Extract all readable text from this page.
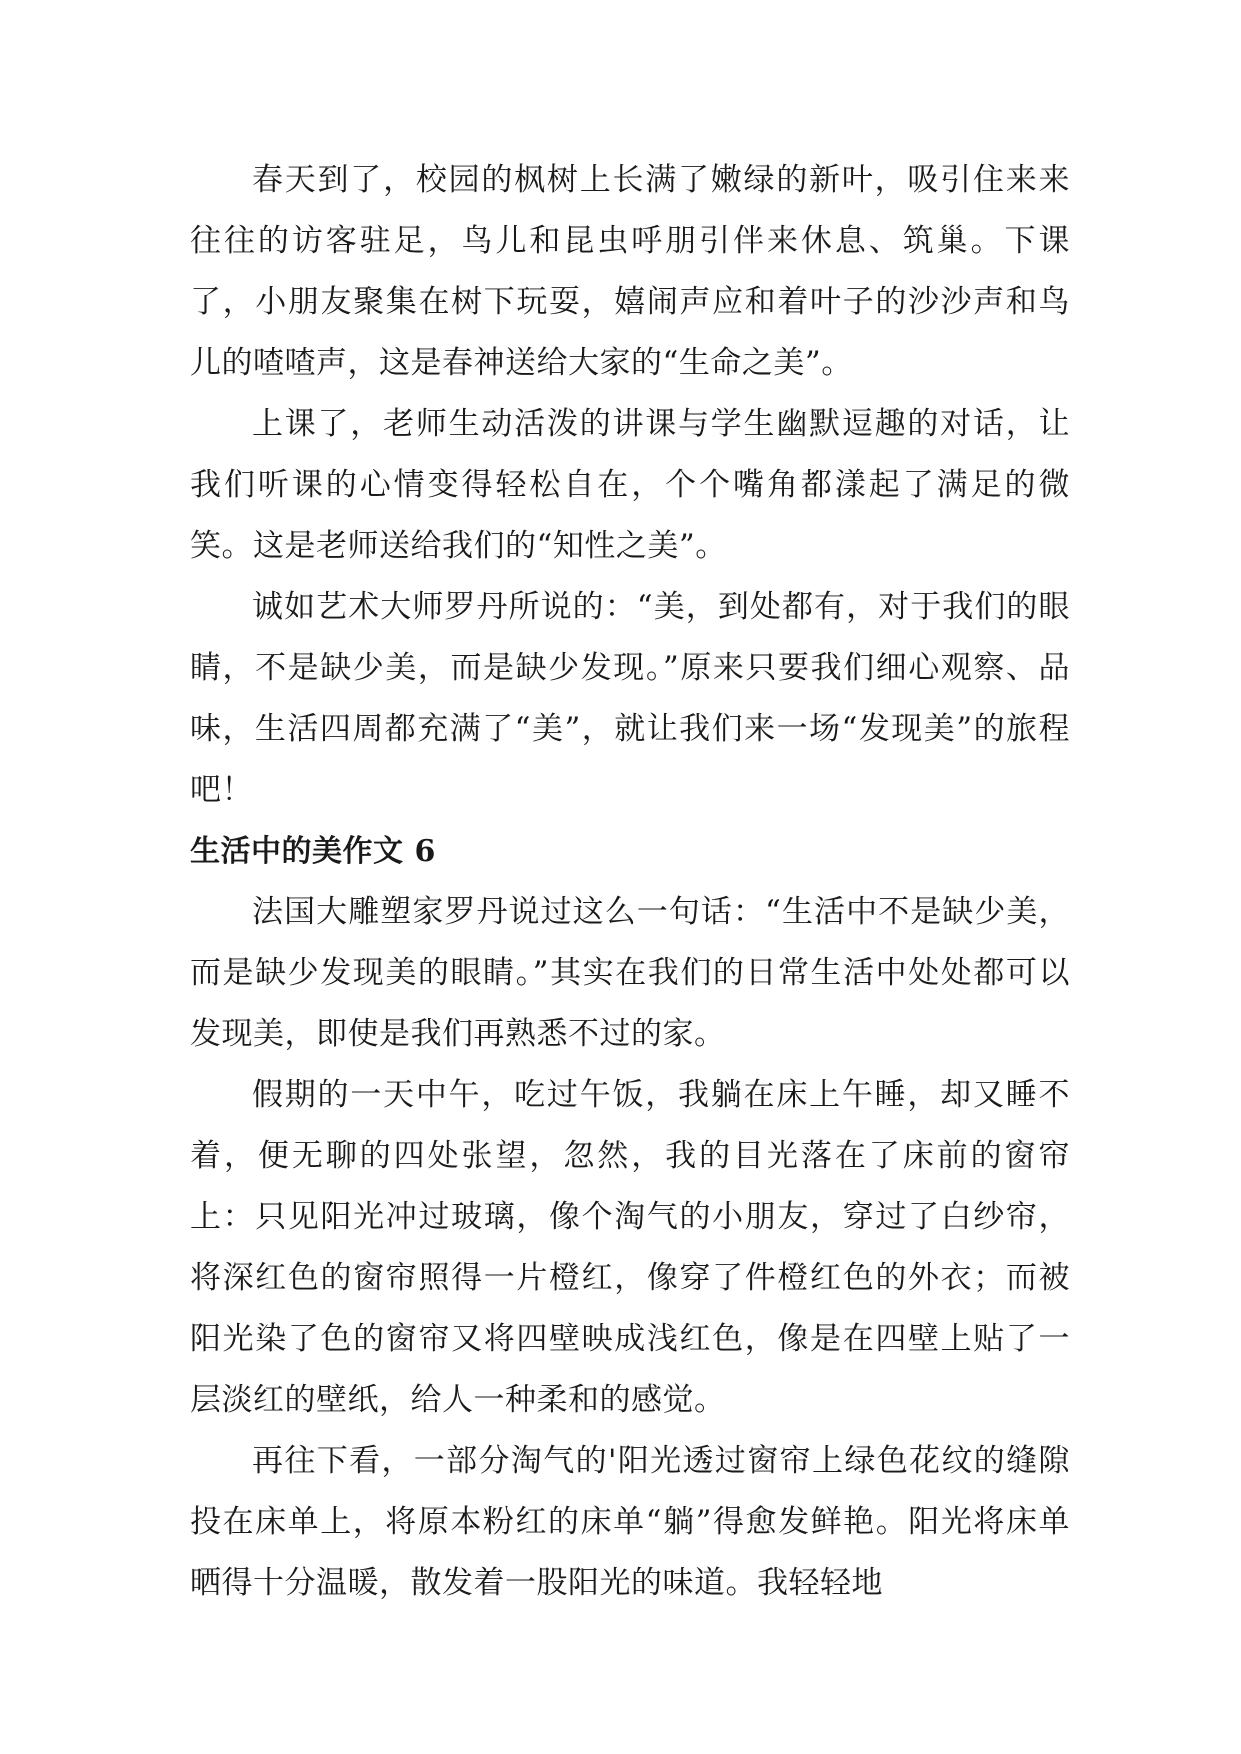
春天到了，校园的枫树上长满了嫩绿的新叶，吸引住来来往往的访客驻足，鸟儿和昆虫呼朋引伴来休息、筑巢。下课了，小朋友聚集在树下玩耍，嬉闹声应和着叶子的沙沙声和鸟儿的喳喳声，这是春神送给大家的“生命之美”。

上课了，老师生动活泼的讲课与学生幽默逗趣的对话，让我们听课的心情变得轻松自在，个个嘴角都漾起了满足的微笑。这是老师送给我们的“知性之美”。

诚如艺术大师罗丹所说的：“美，到处都有，对于我们的眼睛，不是缺少美，而是缺少发现。”原来只要我们细心观察、品味，生活四周都充满了“美”，就让我们来一场“发现美”的旅程吧！

生活中的美作文 6

法国大雕塑家罗丹说过这么一句话：“生活中不是缺少美，而是缺少发现美的眼睛。”其实在我们的日常生活中处处都可以发现美，即使是我们再熟悉不过的家。

假期的一天中午，吃过午饭，我躺在床上午睡，却又睡不着，便无聊的四处张望，忽然，我的目光落在了床前的窗帘上：只见阳光冲过玻璃，像个淘气的小朋友，穿过了白纱帘，将深红色的窗帘照得一片橙红，像穿了件橙红色的外衣；而被阳光染了色的窗帘又将四壁映成浅红色，像是在四壁上贴了一层淡红的壁纸，给人一种柔和的感觉。

再往下看，一部分淘气的'阳光透过窗帘上绿色花纹的缝隙投在床单上，将原本粉红的床单“躺”得愈发鲜艳。阳光将床单晒得十分温暖，散发着一股阳光的味道。我轻轻地
